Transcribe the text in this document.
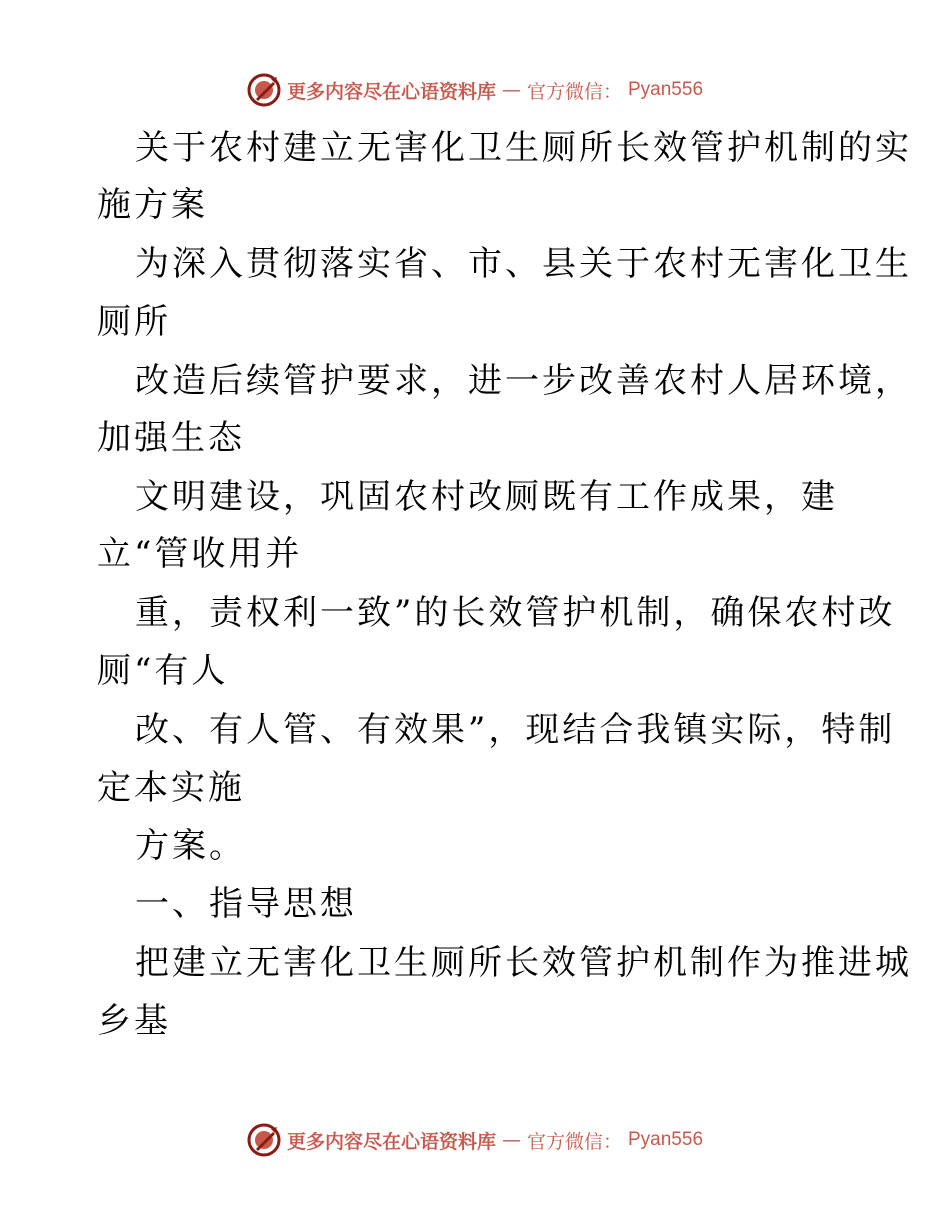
更多内容尽在心语资料库 — 官方微信： Pyan556
关于农村建立无害化卫生厕所长效管护机制的实
施方案
为深入贯彻落实省、市、县关于农村无害化卫生
厕所
改造后续管护要求，进一步改善农村人居环境，
加强生态
文明建设，巩固农村改厕既有工作成果，建
立“管收用并
重，责权利一致”的长效管护机制，确保农村改
厕“有人
改、有人管、有效果”，现结合我镇实际，特制
定本实施
方案。
一、指导思想
把建立无害化卫生厕所长效管护机制作为推进城
乡基
更多内容尽在心语资料库 — 官方微信： Pyan556
